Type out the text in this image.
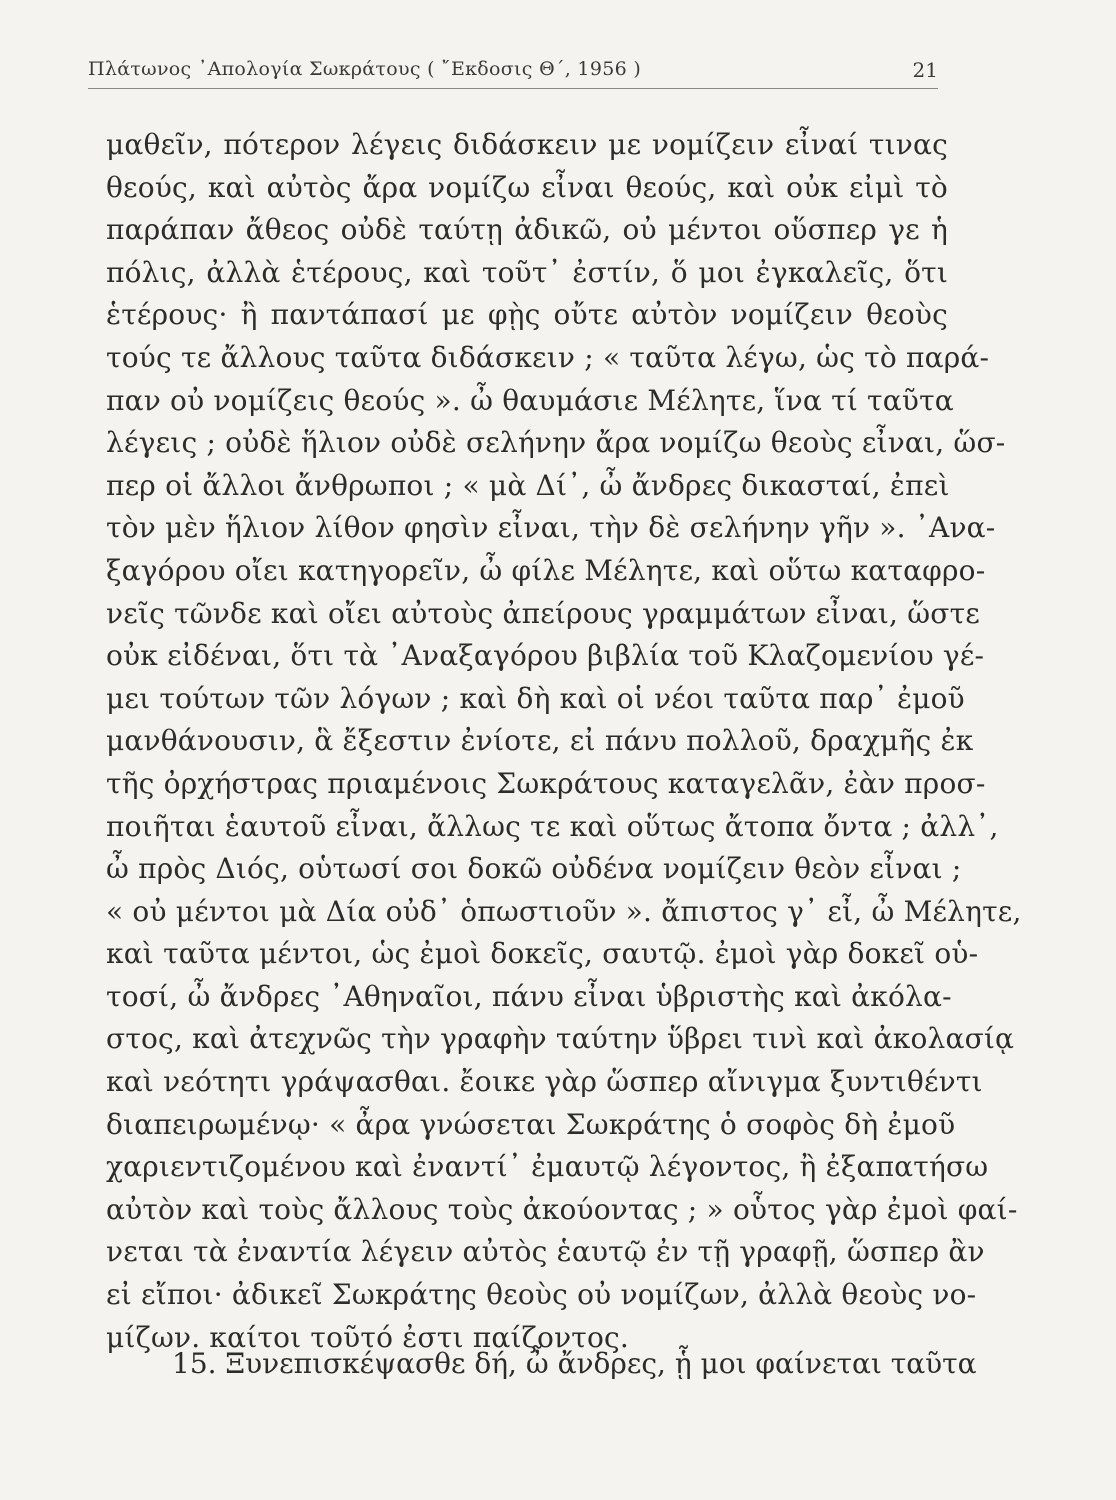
Πλάτωνος ᾿Απολογία Σωκράτους ( ῎Εκδοσις Θ΄, 1956 )	21
μαθεῖν, πότερον λέγεις διδάσκειν με νομίζειν εἶναί τινας
θεούς, καὶ αὐτὸς ἄρα νομίζω εἶναι θεούς, καὶ οὐκ εἰμὶ τὸ
παράπαν ἄθεος οὐδὲ ταύτῃ ἀδικῶ, οὐ μέντοι οὕσπερ γε ἡ
πόλις, ἀλλὰ ἑτέρους, καὶ τοῦτ᾿ ἐστίν, ὅ μοι ἐγκαλεῖς, ὅτι
ἑτέρους· ἢ παντάπασί με φῂς οὔτε αὐτὸν νομίζειν θεοὺς
τούς τε ἄλλους ταῦτα διδάσκειν ; « ταῦτα λέγω, ὡς τὸ παρά-
παν οὐ νομίζεις θεούς ». ὦ θαυμάσιε Μέλητε, ἵνα τί ταῦτα
λέγεις ; οὐδὲ ἥλιον οὐδὲ σελήνην ἄρα νομίζω θεοὺς εἶναι, ὥσ-
περ οἱ ἄλλοι ἄνθρωποι ; « μὰ Δί᾿, ὦ ἄνδρες δικασταί, ἐπεὶ
τὸν μὲν ἥλιον λίθον φησὶν εἶναι, τὴν δὲ σελήνην γῆν ». ᾿Ανα-
ξαγόρου οἴει κατηγορεῖν, ὦ φίλε Μέλητε, καὶ οὕτω καταφρο-
νεῖς τῶνδε καὶ οἴει αὐτοὺς ἀπείρους γραμμάτων εἶναι, ὥστε
οὐκ εἰδέναι, ὅτι τὰ ᾿Αναξαγόρου βιβλία τοῦ Κλαζομενίου γέ-
μει τούτων τῶν λόγων ; καὶ δὴ καὶ οἱ νέοι ταῦτα παρ᾿ ἐμοῦ
μανθάνουσιν, ἃ ἔξεστιν ἐνίοτε, εἰ πάνυ πολλοῦ, δραχμῆς ἐκ
τῆς ὀρχήστρας πριαμένοις Σωκράτους καταγελᾶν, ἐὰν προσ-
ποιῆται ἑαυτοῦ εἶναι, ἄλλως τε καὶ οὕτως ἄτοπα ὄντα ; ἀλλ᾿,
ὦ πρὸς Διός, οὑτωσί σοι δοκῶ οὐδένα νομίζειν θεὸν εἶναι ;
« οὐ μέντοι μὰ Δία οὐδ᾿ ὁπωστιοῦν ». ἄπιστος γ᾿ εἶ, ὦ Μέλητε,
καὶ ταῦτα μέντοι, ὡς ἐμοὶ δοκεῖς, σαυτῷ. ἐμοὶ γὰρ δοκεῖ οὑ-
τοσί, ὦ ἄνδρες ᾿Αθηναῖοι, πάνυ εἶναι ὑβριστὴς καὶ ἀκόλα-
στος, καὶ ἀτεχνῶς τὴν γραφὴν ταύτην ὕβρει τινὶ καὶ ἀκολασίᾳ
καὶ νεότητι γράψασθαι. ἔοικε γὰρ ὥσπερ αἴνιγμα ξυντιθέντι
διαπειρωμένῳ· « ἆρα γνώσεται Σωκράτης ὁ σοφὸς δὴ ἐμοῦ
χαριεντιζομένου καὶ ἐναντί᾿ ἐμαυτῷ λέγοντος, ἢ ἐξαπατήσω
αὐτὸν καὶ τοὺς ἄλλους τοὺς ἀκούοντας ; » οὗτος γὰρ ἐμοὶ φαί-
νεται τὰ ἐναντία λέγειν αὐτὸς ἑαυτῷ ἐν τῇ γραφῇ, ὥσπερ ἂν
εἰ εἴποι· ἀδικεῖ Σωκράτης θεοὺς οὐ νομίζων, ἀλλὰ θεοὺς νο-
μίζων. καίτοι τοῦτό ἐστι παίζοντος.
15. Ξυνεπισκέψασθε δή, ὦ ἄνδρες, ᾗ μοι φαίνεται ταῦτα
